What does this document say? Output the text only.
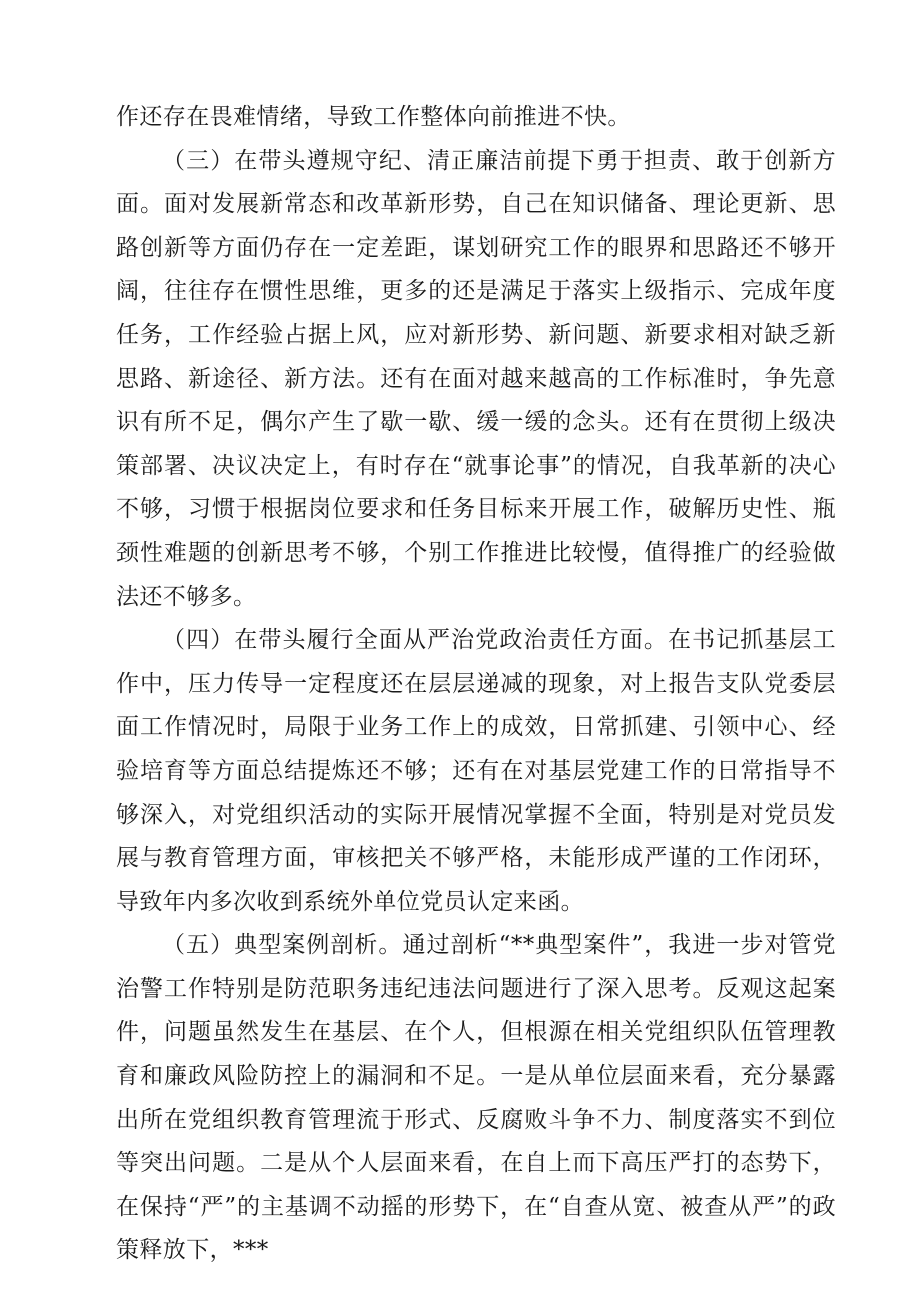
作还存在畏难情绪，导致工作整体向前推进不快。

（三）在带头遵规守纪、清正廉洁前提下勇于担责、敢于创新方面。面对发展新常态和改革新形势，自己在知识储备、理论更新、思路创新等方面仍存在一定差距，谋划研究工作的眼界和思路还不够开阔，往往存在惯性思维，更多的还是满足于落实上级指示、完成年度任务，工作经验占据上风，应对新形势、新问题、新要求相对缺乏新思路、新途径、新方法。还有在面对越来越高的工作标准时，争先意识有所不足，偶尔产生了歇一歇、缓一缓的念头。还有在贯彻上级决策部署、决议决定上，有时存在“就事论事”的情况，自我革新的决心不够，习惯于根据岗位要求和任务目标来开展工作，破解历史性、瓶颈性难题的创新思考不够，个别工作推进比较慢，值得推广的经验做法还不够多。

（四）在带头履行全面从严治党政治责任方面。在书记抓基层工作中，压力传导一定程度还在层层递减的现象，对上报告支队党委层面工作情况时，局限于业务工作上的成效，日常抓建、引领中心、经验培育等方面总结提炼还不够；还有在对基层党建工作的日常指导不够深入，对党组织活动的实际开展情况掌握不全面，特别是对党员发展与教育管理方面，审核把关不够严格，未能形成严谨的工作闭环，导致年内多次收到系统外单位党员认定来函。

（五）典型案例剖析。通过剖析“**典型案件”，我进一步对管党治警工作特别是防范职务违纪违法问题进行了深入思考。反观这起案件，问题虽然发生在基层、在个人，但根源在相关党组织队伍管理教育和廉政风险防控上的漏洞和不足。一是从单位层面来看，充分暴露出所在党组织教育管理流于形式、反腐败斗争不力、制度落实不到位等突出问题。二是从个人层面来看，在自上而下高压严打的态势下，在保持“严”的主基调不动摇的形势下，在“自查从宽、被查从严”的政策释放下，***
